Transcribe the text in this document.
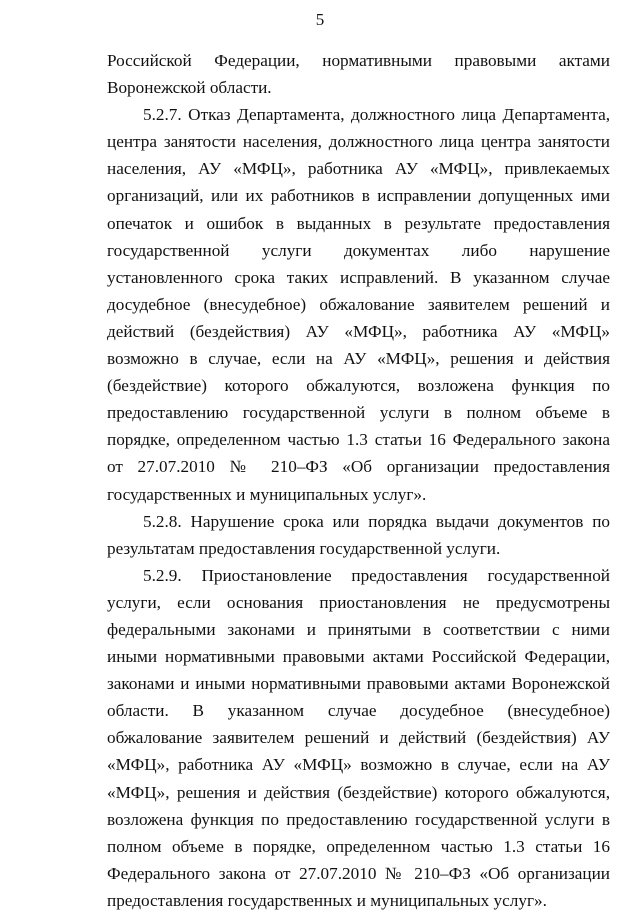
5

Российской Федерации, нормативными правовыми актами Воронежской области.

5.2.7. Отказ Департамента, должностного лица Департамента, центра занятости населения, должностного лица центра занятости населения, АУ «МФЦ», работника АУ «МФЦ», привлекаемых организаций, или их работников в исправлении допущенных ими опечаток и ошибок в выданных в результате предоставления государственной услуги документах либо нарушение установленного срока таких исправлений. В указанном случае досудебное (внесудебное) обжалование заявителем решений и действий (бездействия) АУ «МФЦ», работника АУ «МФЦ» возможно в случае, если на АУ «МФЦ», решения и действия (бездействие) которого обжалуются, возложена функция по предоставлению государственной услуги в полном объеме в порядке, определенном частью 1.3 статьи 16 Федерального закона от 27.07.2010 № 210–ФЗ «Об организации предоставления государственных и муниципальных услуг».

5.2.8. Нарушение срока или порядка выдачи документов по результатам предоставления государственной услуги.

5.2.9. Приостановление предоставления государственной услуги, если основания приостановления не предусмотрены федеральными законами и принятыми в соответствии с ними иными нормативными правовыми актами Российской Федерации, законами и иными нормативными правовыми актами Воронежской области. В указанном случае досудебное (внесудебное) обжалование заявителем решений и действий (бездействия) АУ «МФЦ», работника АУ «МФЦ» возможно в случае, если на АУ «МФЦ», решения и действия (бездействие) которого обжалуются, возложена функция по предоставлению государственной услуги в полном объеме в порядке, определенном частью 1.3 статьи 16 Федерального закона от 27.07.2010 № 210–ФЗ «Об организации предоставления государственных и муниципальных услуг».
